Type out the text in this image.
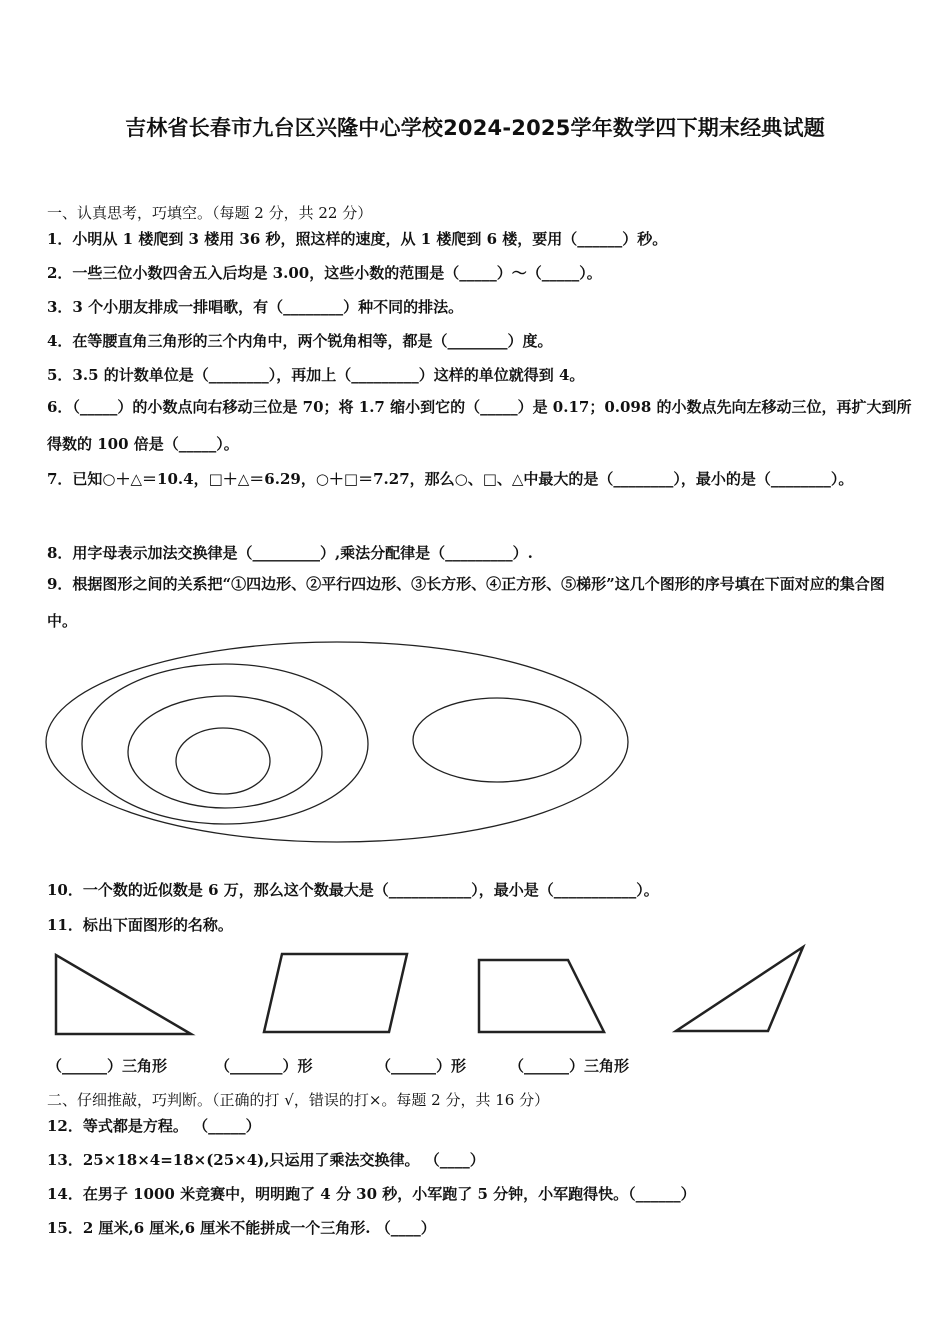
吉林省长春市九台区兴隆中心学校2024-2025学年数学四下期末经典试题
一、认真思考，巧填空。（每题 2 分，共 22 分）
1．小明从 1 楼爬到 3 楼用 36 秒，照这样的速度，从 1 楼爬到 6 楼，要用（______）秒。
2．一些三位小数四舍五入后均是 3.00，这些小数的范围是（_____）～（_____）。
3．3 个小朋友排成一排唱歌，有（________）种不同的排法。
4．在等腰直角三角形的三个内角中，两个锐角相等，都是（________）度。
5．3.5 的计数单位是（________），再加上（_________）这样的单位就得到 4。
6．（_____）的小数点向右移动三位是 70；将 1.7 缩小到它的（_____）是 0.17；0.098 的小数点先向左移动三位，再扩大到所得数的 100 倍是（_____）。
7．已知○＋△＝10.4，□＋△＝6.29，○＋□＝7.27，那么○、□、△中最大的是（________），最小的是（________）。
8．用字母表示加法交换律是（_________）,乘法分配律是（_________）.
9．根据图形之间的关系把“①四边形、②平行四边形、③长方形、④正方形、⑤梯形”这几个图形的序号填在下面对应的集合图中。
10．一个数的近似数是 6 万，那么这个数最大是（___________），最小是（___________）。
11．标出下面图形的名称。
（______）三角形	（_______）形	（______）形	（______）三角形
二、仔细推敲，巧判断。（正确的打 √，错误的打×。每题 2 分，共 16 分）
12．等式都是方程。 （_____）
13．25×18×4=18×(25×4),只运用了乘法交换律。 （____）
14．在男子 1000 米竞赛中，明明跑了 4 分 30 秒，小军跑了 5 分钟，小军跑得快。（______）
15．2 厘米,6 厘米,6 厘米不能拼成一个三角形. （____）
